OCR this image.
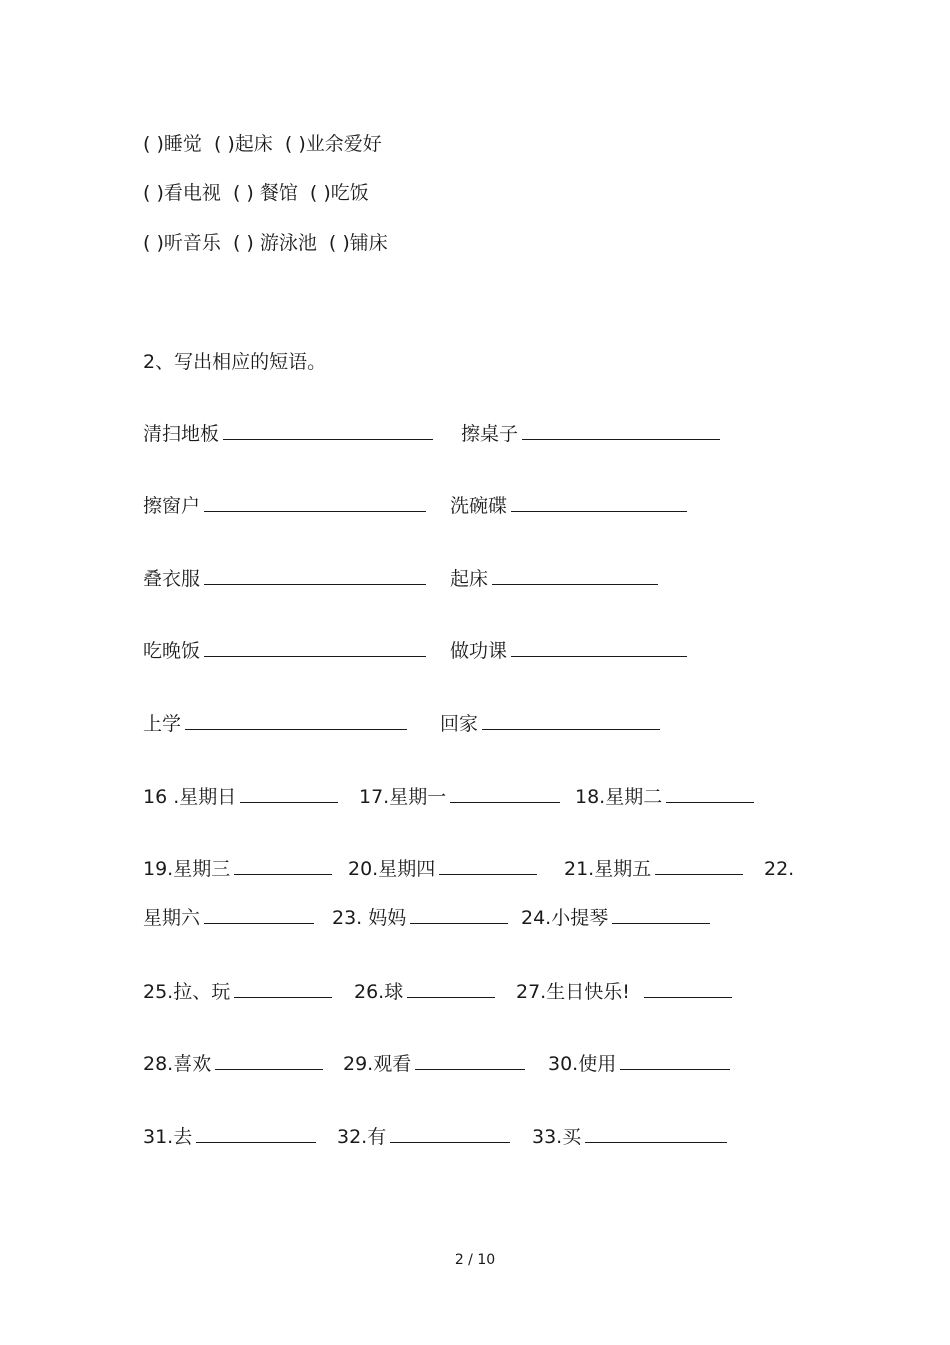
( )睡觉  ( )起床  ( )业余爱好
( )看电视  ( ) 餐馆  ( )吃饭
( )听音乐  ( ) 游泳池  ( )铺床
2、写出相应的短语。
清扫地板	擦桌子
擦窗户	洗碗碟
叠衣服	起床
吃晚饭	做功课
上学	回家
16 .星期日	17.星期一	18.星期二
19.星期三	20.星期四	21.星期五	22.
星期六	23. 妈妈	24.小提琴
25.拉、玩	26.球	27.生日快乐!
28.喜欢	29.观看	30.使用
31.去	32.有	33.买
2 / 10
